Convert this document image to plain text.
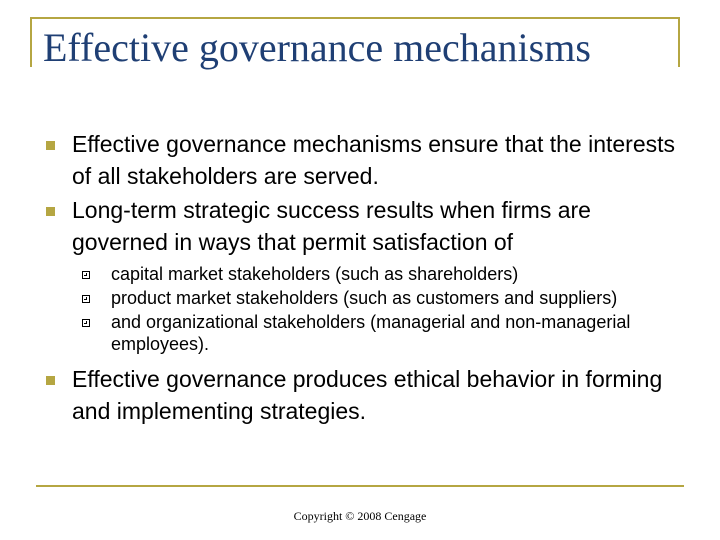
Effective governance mechanisms
Effective governance mechanisms ensure that the interests of all stakeholders are served.
Long-term strategic success results when firms are governed in ways that permit satisfaction of
capital market stakeholders (such as shareholders)
product market stakeholders (such as customers and suppliers)
and organizational stakeholders (managerial and non-managerial employees).
Effective governance produces ethical behavior in forming and implementing strategies.
Copyright © 2008 Cengage
